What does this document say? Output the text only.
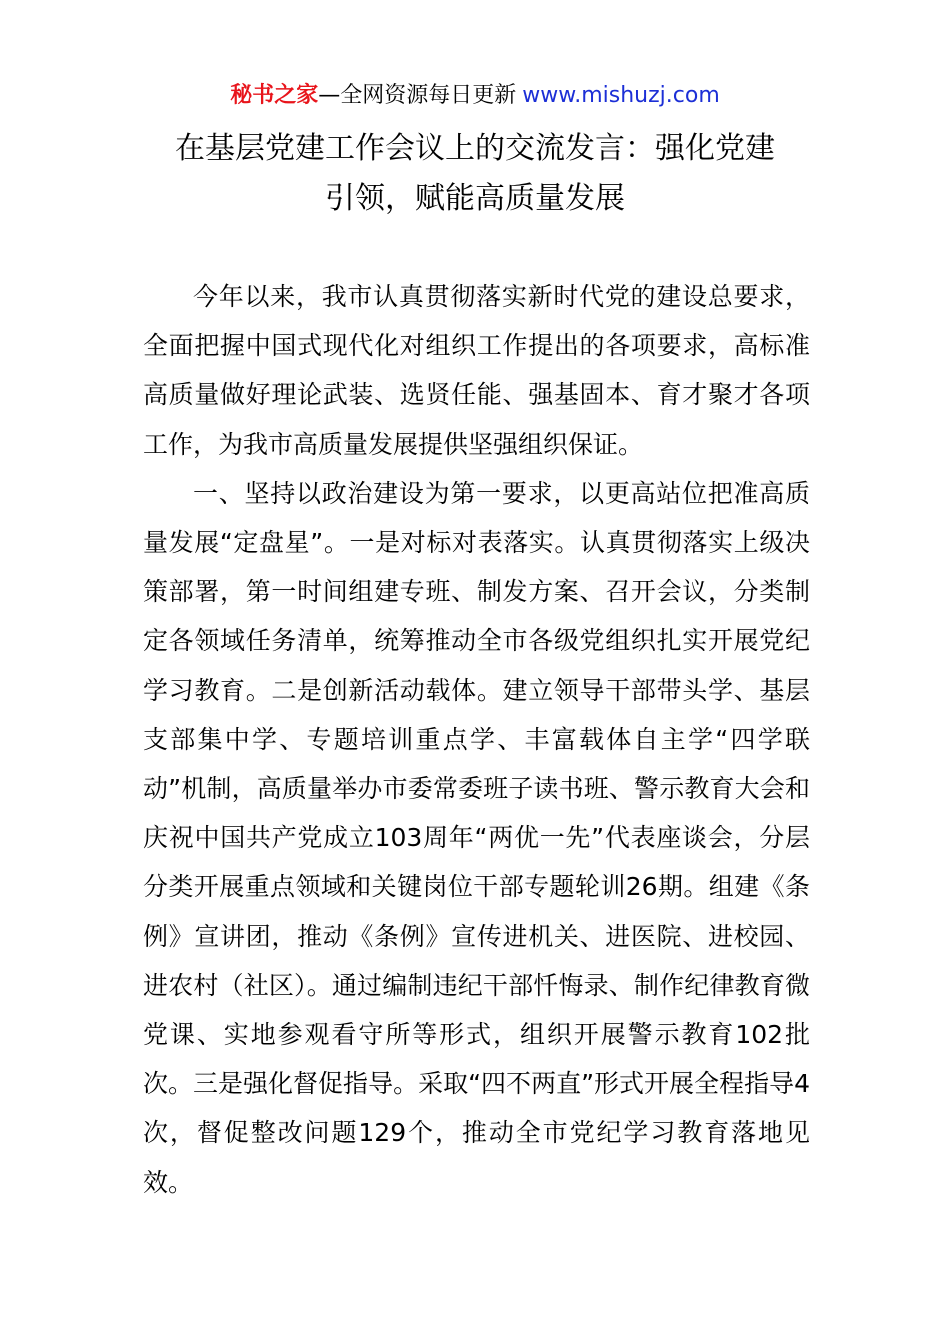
秘书之家—全网资源每日更新 www.mishuzj.com
在基层党建工作会议上的交流发言：强化党建
引领，赋能高质量发展

今年以来，我市认真贯彻落实新时代党的建设总要求，全面把握中国式现代化对组织工作提出的各项要求，高标准高质量做好理论武装、选贤任能、强基固本、育才聚才各项工作，为我市高质量发展提供坚强组织保证。

一、坚持以政治建设为第一要求，以更高站位把准高质量发展“定盘星”。一是对标对表落实。认真贯彻落实上级决策部署，第一时间组建专班、制发方案、召开会议，分类制定各领域任务清单，统筹推动全市各级党组织扎实开展党纪学习教育。二是创新活动载体。建立领导干部带头学、基层支部集中学、专题培训重点学、丰富载体自主学“四学联动”机制，高质量举办市委常委班子读书班、警示教育大会和庆祝中国共产党成立103周年“两优一先”代表座谈会，分层分类开展重点领域和关键岗位干部专题轮训26期。组建《条例》宣讲团，推动《条例》宣传进机关、进医院、进校园、进农村（社区）。通过编制违纪干部忏悔录、制作纪律教育微党课、实地参观看守所等形式，组织开展警示教育102批次。三是强化督促指导。采取“四不两直”形式开展全程指导4次，督促整改问题129个，推动全市党纪学习教育落地见效。
